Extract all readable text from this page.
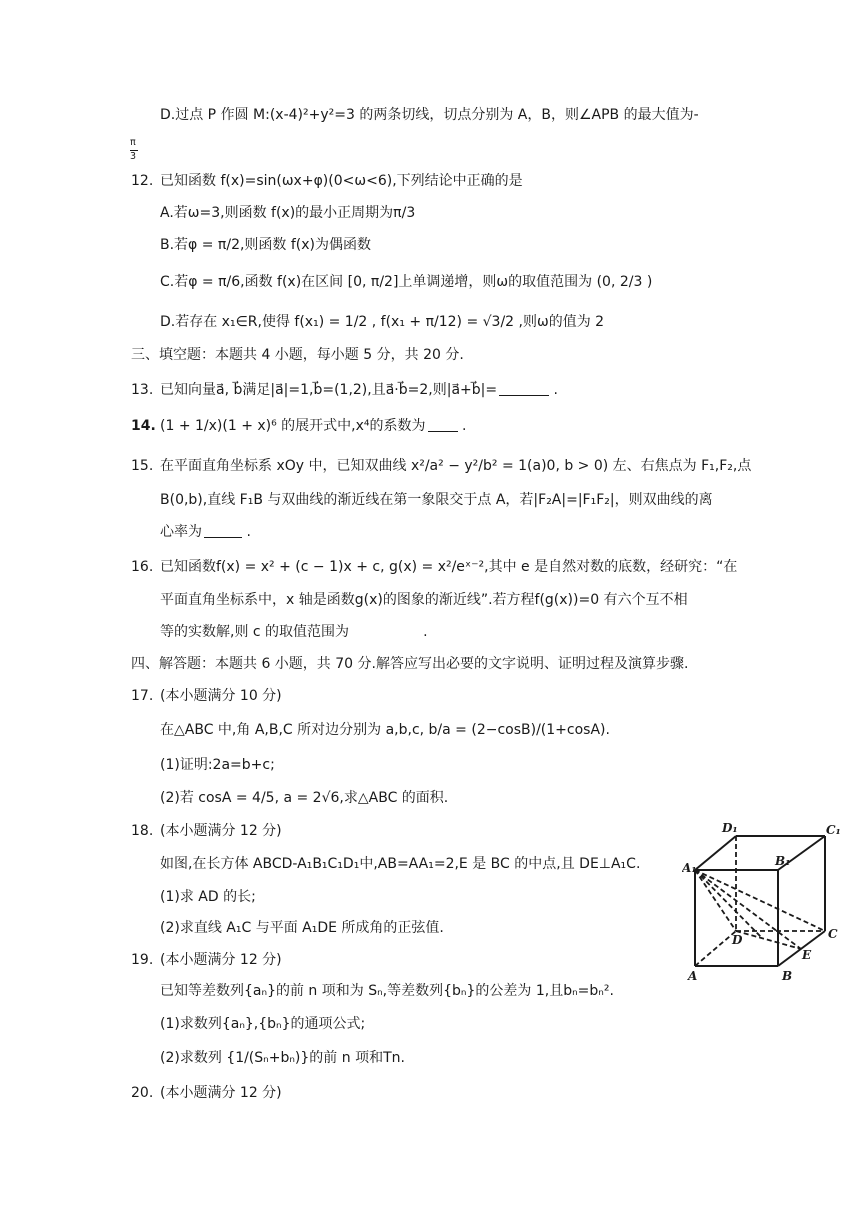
D.过点 P 作圆 M:(x-4)²+y²=3 的两条切线，切点分别为 A，B，则∠APB 的最大值为-
π
3
12. 已知函数 f(x)=sin(ωx+φ)(0<ω<6),下列结论中正确的是
A.若ω=3,则函数 f(x)的最小正周期为π/3
B.若φ = π/2,则函数 f(x)为偶函数
C.若φ = π/6,函数 f(x)在区间 [0, π/2]上单调递增，则ω的取值范围为 (0, 2/3 )
D.若存在 x₁∈R,使得 f(x₁) = 1/2 , f(x₁ + π/12) = √3/2 ,则ω的值为 2
三、填空题：本题共 4 小题，每小题 5 分，共 20 分.
13. 已知向量a⃗, b⃗满足|a⃗|=1,b⃗=(1,2),且a⃗·b⃗=2,则|a⃗+b⃗|=	.
14. (1 + 1/x)(1 + x)⁶ 的展开式中,x⁴的系数为 .
15. 在平面直角坐标系 xOy 中，已知双曲线 x²/a² − y²/b² = 1(a)0, b > 0) 左、右焦点为 F₁,F₂,点
B(0,b),直线 F₁B 与双曲线的渐近线在第一象限交于点 A，若|F₂A|=|F₁F₂|，则双曲线的离
心率为	.
16. 已知函数f(x) = x² + (c − 1)x + c, g(x) = x²/eˣ⁻²,其中 e 是自然对数的底数，经研究：“在
平面直角坐标系中，x 轴是函数g(x)的图象的渐近线”.若方程f(g(x))=0 有六个互不相
等的实数解,则 c 的取值范围为	.
四、解答题：本题共 6 小题，共 70 分.解答应写出必要的文字说明、证明过程及演算步骤.
17. (本小题满分 10 分)
在△ABC 中,角 A,B,C 所对边分别为 a,b,c, b/a = (2−cosB)/(1+cosA).
(1)证明:2a=b+c;
(2)若 cosA = 4/5, a = 2√6,求△ABC 的面积.
18. (本小题满分 12 分)
如图,在长方体 ABCD-A₁B₁C₁D₁中,AB=AA₁=2,E 是 BC 的中点,且 DE⊥A₁C.
(1)求 AD 的长;
(2)求直线 A₁C 与平面 A₁DE 所成角的正弦值.
19. (本小题满分 12 分)
已知等差数列{aₙ}的前 n 项和为 Sₙ,等差数列{bₙ}的公差为 1,且bₙ=bₙ².
(1)求数列{aₙ},{bₙ}的通项公式;
(2)求数列 {1/(Sₙ+bₙ)}的前 n 项和Tn.
20. (本小题满分 12 分)
D₁	C₁
B₁
A₁
D	C
E
A	B
